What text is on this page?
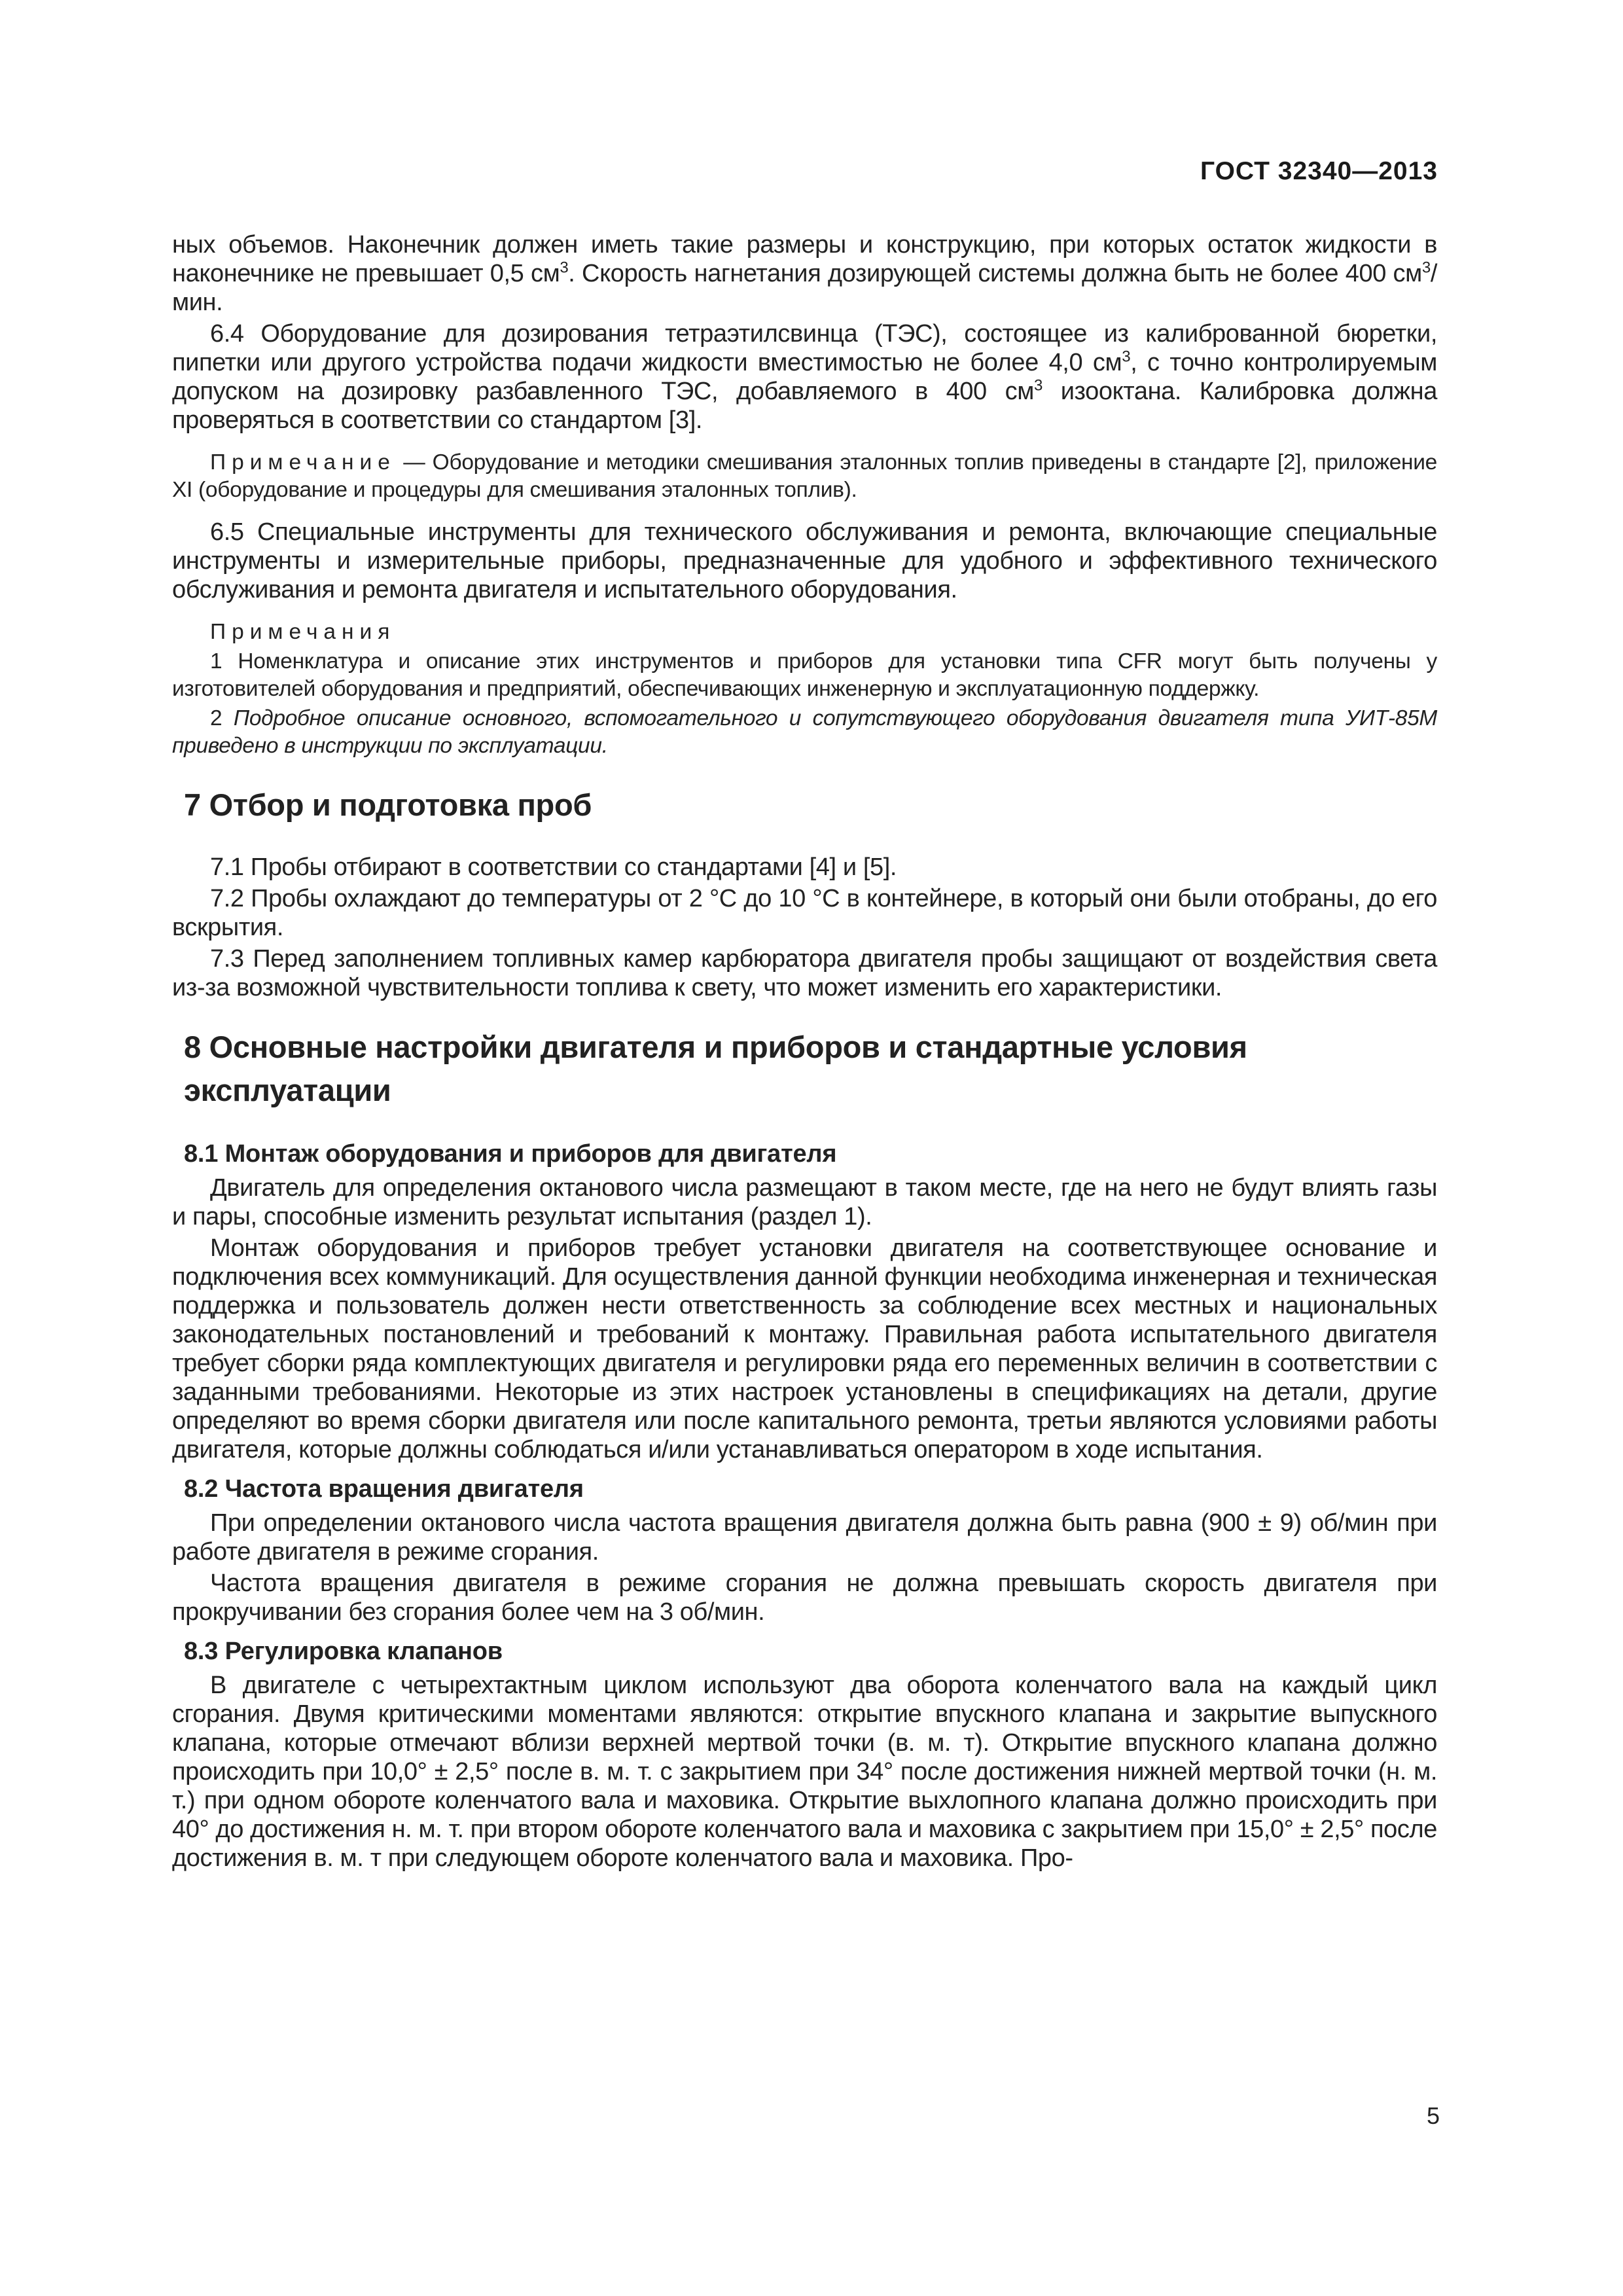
ГОСТ 32340—2013

ных объемов. Наконечник должен иметь такие размеры и конструкцию, при которых остаток жидкости в наконечнике не превышает 0,5 $см^3$. Скорость нагнетания дозирующей системы должна быть не более 400 $см^3$/мин.

6.4 Оборудование для дозирования тетраэтилсвинца (ТЭС), состоящее из калиброванной бюретки, пипетки или другого устройства подачи жидкости вместимостью не более 4,0 $см^3$, с точно контролируемым допуском на дозировку разбавленного ТЭС, добавляемого в 400 $см^3$ изооктана. Калибровка должна проверяться в соответствии со стандартом [3].

Примечание — Оборудование и методики смешивания эталонных топлив приведены в стандарте [2], приложение XI (оборудование и процедуры для смешивания эталонных топлив).

6.5 Специальные инструменты для технического обслуживания и ремонта, включающие специальные инструменты и измерительные приборы, предназначенные для удобного и эффективного технического обслуживания и ремонта двигателя и испытательного оборудования.

Примечания

1 Номенклатура и описание этих инструментов и приборов для установки типа CFR могут быть получены у изготовителей оборудования и предприятий, обеспечивающих инженерную и эксплуатационную поддержку.

2 Подробное описание основного, вспомогательного и сопутствующего оборудования двигателя типа УИТ-85М приведено в инструкции по эксплуатации.

7 Отбор и подготовка проб

7.1 Пробы отбирают в соответствии со стандартами [4] и [5].

7.2 Пробы охлаждают до температуры от 2 °С до 10 °С в контейнере, в который они были отобраны, до его вскрытия.

7.3 Перед заполнением топливных камер карбюратора двигателя пробы защищают от воздействия света из-за возможной чувствительности топлива к свету, что может изменить его характеристики.

8 Основные настройки двигателя и приборов и стандартные условия эксплуатации
8.1 Монтаж оборудования и приборов для двигателя

Двигатель для определения октанового числа размещают в таком месте, где на него не будут влиять газы и пары, способные изменить результат испытания (раздел 1).

Монтаж оборудования и приборов требует установки двигателя на соответствующее основание и подключения всех коммуникаций. Для осуществления данной функции необходима инженерная и техническая поддержка и пользователь должен нести ответственность за соблюдение всех местных и национальных законодательных постановлений и требований к монтажу. Правильная работа испытательного двигателя требует сборки ряда комплектующих двигателя и регулировки ряда его переменных величин в соответствии с заданными требованиями. Некоторые из этих настроек установлены в спецификациях на детали, другие определяют во время сборки двигателя или после капитального ремонта, третьи являются условиями работы двигателя, которые должны соблюдаться и/или устанавливаться оператором в ходе испытания.

8.2 Частота вращения двигателя

При определении октанового числа частота вращения двигателя должна быть равна (900 ± 9) об/мин при работе двигателя в режиме сгорания.

Частота вращения двигателя в режиме сгорания не должна превышать скорость двигателя при прокручивании без сгорания более чем на 3 об/мин.

8.3 Регулировка клапанов

В двигателе с четырехтактным циклом используют два оборота коленчатого вала на каждый цикл сгорания. Двумя критическими моментами являются: открытие впускного клапана и закрытие выпускного клапана, которые отмечают вблизи верхней мертвой точки (в. м. т). Открытие впускного клапана должно происходить при 10,0° ± 2,5° после в. м. т. с закрытием при 34° после достижения нижней мертвой точки (н. м. т.) при одном обороте коленчатого вала и маховика. Открытие выхлопного клапана должно происходить при 40° до достижения н. м. т. при втором обороте коленчатого вала и маховика с закрытием при 15,0° ± 2,5° после достижения в. м. т при следующем обороте коленчатого вала и маховика. Про-

5
